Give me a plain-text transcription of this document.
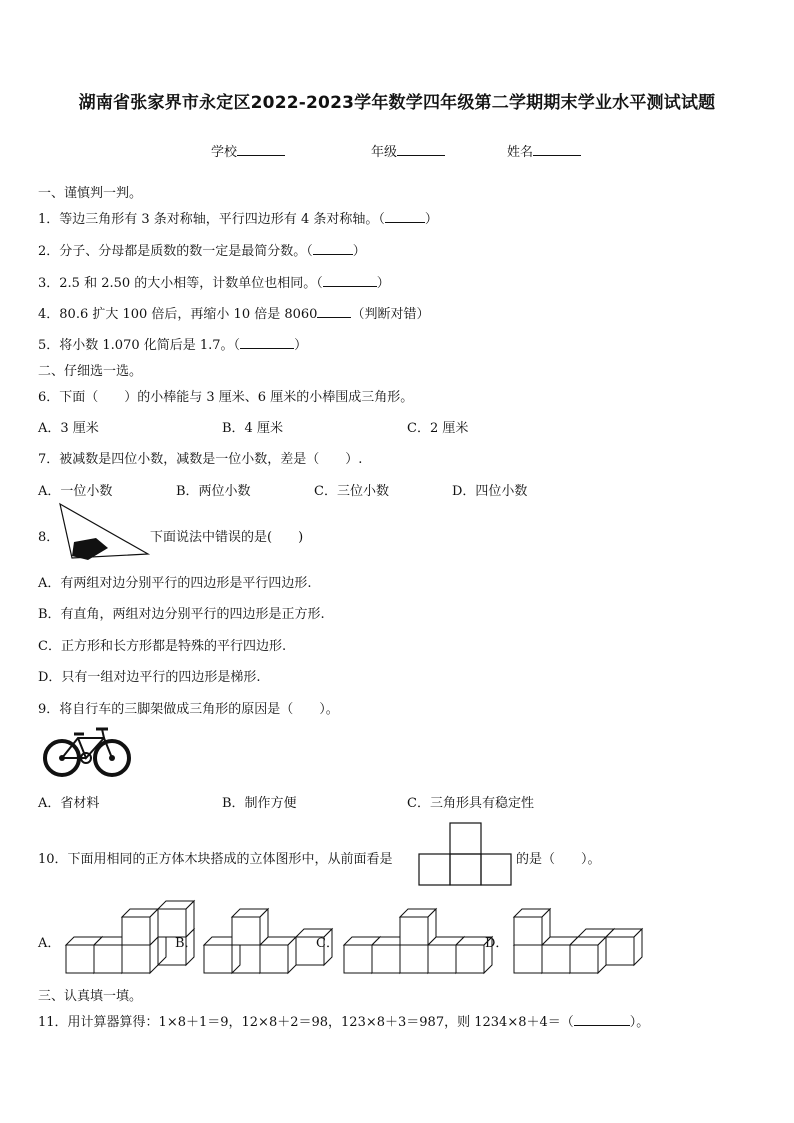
湖南省张家界市永定区2022-2023学年数学四年级第二学期期末学业水平测试试题
学校	年级	姓名
一、谨慎判一判。
1．等边三角形有 3 条对称轴，平行四边形有 4 条对称轴。（	）
2．分子、分母都是质数的数一定是最简分数。（	）
3．2.5 和 2.50 的大小相等，计数单位也相同。（	）
4．80.6 扩大 100 倍后，再缩小 10 倍是 8060	（判断对错）
5．将小数 1.070 化简后是 1.7。（	）
二、仔细选一选。
6．下面（　　）的小棒能与 3 厘米、6 厘米的小棒围成三角形。
A．3 厘米	B．4 厘米	C．2 厘米
7．被减数是四位小数，减数是一位小数，差是（　　）.
A．一位小数	B．两位小数	C．三位小数	D．四位小数
8．	下面说法中错误的是(　　)
A．有两组对边分别平行的四边形是平行四边形.
B．有直角，两组对边分别平行的四边形是正方形.
C．正方形和长方形都是特殊的平行四边形.
D．只有一组对边平行的四边形是梯形.
9．将自行车的三脚架做成三角形的原因是（　　）。
A．省材料	B．制作方便	C．三角形具有稳定性
10．下面用相同的正方体木块搭成的立体图形中，从前面看是	的是（　　）。
A．	B．	C．	D．
三、认真填一填。
11．用计算器算得：1×8＋1＝9，12×8＋2＝98，123×8＋3＝987，则 1234×8＋4＝（	）。
